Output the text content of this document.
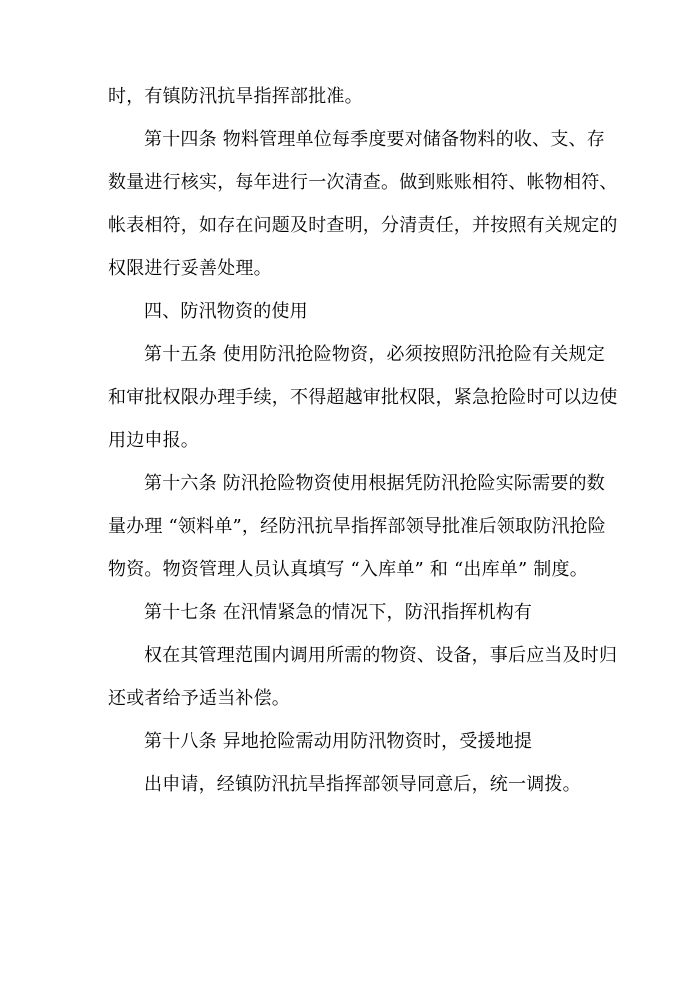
时，有镇防汛抗旱指挥部批准。
第十四条 物料管理单位每季度要对储备物料的收、支、存
数量进行核实，每年进行一次清查。做到账账相符、帐物相符、
帐表相符，如存在问题及时查明，分清责任，并按照有关规定的
权限进行妥善处理。
四、防汛物资的使用
第十五条 使用防汛抢险物资，必须按照防汛抢险有关规定
和审批权限办理手续，不得超越审批权限，紧急抢险时可以边使
用边申报。
第十六条 防汛抢险物资使用根据凭防汛抢险实际需要的数
量办理 “领料单”，经防汛抗旱指挥部领导批准后领取防汛抢险
物资。物资管理人员认真填写 “入库单” 和 “出库单” 制度。
第十七条 在汛情紧急的情况下，防汛指挥机构有
权在其管理范围内调用所需的物资、设备，事后应当及时归
还或者给予适当补偿。
第十八条 异地抢险需动用防汛物资时，受援地提
出申请，经镇防汛抗旱指挥部领导同意后，统一调拨。
